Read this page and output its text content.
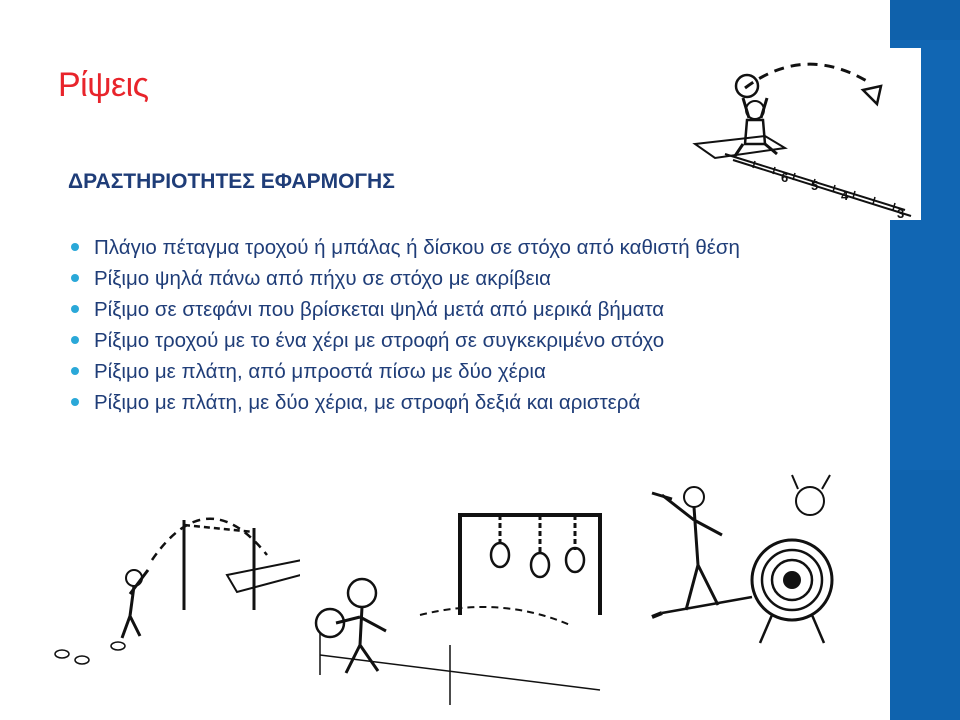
Ρίψεις
ΔΡΑΣΤΗΡΙΟΤΗΤΕΣ ΕΦΑΡΜΟΓΗΣ
Πλάγιο πέταγμα τροχού ή μπάλας ή δίσκου σε στόχο από καθιστή θέση
Ρίξιμο ψηλά πάνω από πήχυ σε στόχο με ακρίβεια
Ρίξιμο σε στεφάνι που βρίσκεται ψηλά μετά από μερικά βήματα
Ρίξιμο τροχού με το ένα χέρι με στροφή σε συγκεκριμένο στόχο
Ρίξιμο με πλάτη, από μπροστά πίσω με δύο χέρια
Ρίξιμο με πλάτη, με δύο χέρια, με στροφή δεξιά και αριστερά
6
5
4
3
